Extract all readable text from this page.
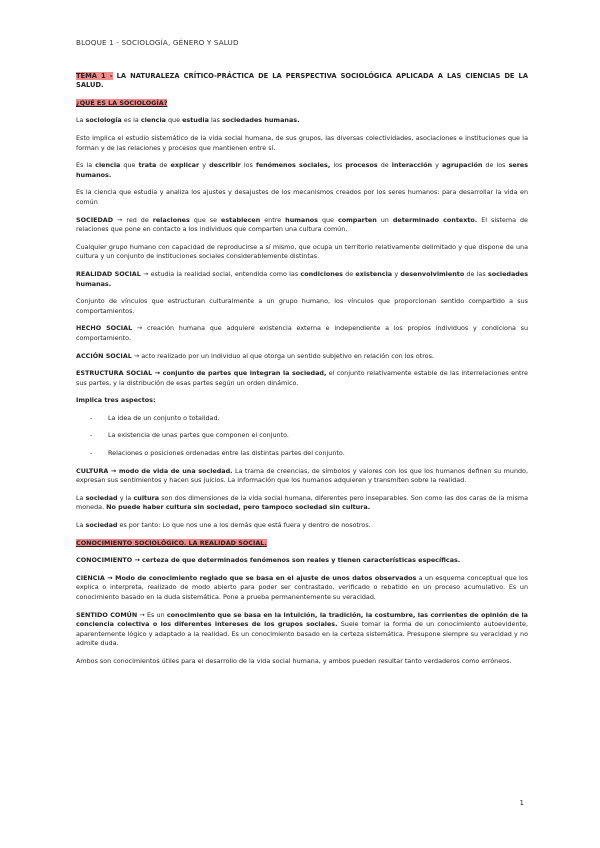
BLOQUE 1 - SOCIOLOGÍA, GÉNERO Y SALUD

TEMA 1 - LA NATURALEZA CRÍTICO-PRÁCTICA DE LA PERSPECTIVA SOCIOLÓGICA APLICADA A LAS CIENCIAS DE LA SALUD.

¿QUÉ ES LA SOCIOLOGÍA?

La sociología es la ciencia que estudia las sociedades humanas.

Esto implica el estudio sistemático de la vida social humana, de sus grupos, las diversas colectividades, asociaciones e instituciones que la forman y de las relaciones y procesos que mantienen entre sí.

Es la ciencia que trata de explicar y describir los fenómenos sociales, los procesos de interacción y agrupación de los seres humanos.

Es la ciencia que estudia y analiza los ajustes y desajustes de los mecanismos creados por los seres humanos: para desarrollar la vida en común

SOCIEDAD → red de relaciones que se establecen entre humanos que comparten un determinado contexto. El sistema de relaciones que pone en contacto a los individuos que comparten una cultura común.

Cualquier grupo humano con capacidad de reproducirse a sí mismo, que ocupa un territorio relativamente delimitado y que dispone de una cultura y un conjunto de instituciones sociales considerablemente distintas.

REALIDAD SOCIAL → estudia la realidad social, entendida como las condiciones de existencia y desenvolvimiento de las sociedades humanas.

Conjunto de vínculos que estructuran culturalmente a un grupo humano, los vínculos que proporcionan sentido compartido a sus comportamientos.

HECHO SOCIAL → creación humana que adquiere existencia externa e independiente a los propios individuos y condiciona su comportamiento.

ACCIÓN SOCIAL → acto realizado por un individuo al que otorga un sentido subjetivo en relación con los otros.

ESTRUCTURA SOCIAL → conjunto de partes que integran la sociedad, el conjunto relativamente estable de las interrelaciones entre sus partes, y la distribución de esas partes según un orden dinámico.

Implica tres aspectos:

- La idea de un conjunto o totalidad.
- La existencia de unas partes que componen el conjunto.
- Relaciones o posiciones ordenadas entre las distintas partes del conjunto.

CULTURA → modo de vida de una sociedad. La trama de creencias, de símbolos y valores con los que los humanos definen su mundo, expresan sus sentimientos y hacen sus juicios. La información que los humanos adquieren y transmiten sobre la realidad.

La sociedad y la cultura son dos dimensiones de la vida social humana, diferentes pero inseparables. Son como las dos caras de la misma moneda. No puede haber cultura sin sociedad, pero tampoco sociedad sin cultura.

La sociedad es por tanto: Lo que nos une a los demás que está fuera y dentro de nosotros.

CONOCIMIENTO SOCIOLÓGICO. LA REALIDAD SOCIAL.

CONOCIMIENTO → certeza de que determinados fenómenos son reales y tienen características específicas.

CIENCIA → Modo de conocimiento reglado que se basa en el ajuste de unos datos observados a un esquema conceptual que los explica o interpreta, realizado de modo abierto para poder ser contrastado, verificado o rebatido en un proceso acumulativo. Es un conocimiento basado en la duda sistemática. Pone a prueba permanentemente su veracidad.

SENTIDO COMÚN → Es un conocimiento que se basa en la intuición, la tradición, la costumbre, las corrientes de opinión de la conciencia colectiva o los diferentes intereses de los grupos sociales. Suele tomar la forma de un conocimiento autoevidente, aparentemente lógico y adaptado a la realidad. Es un conocimiento basado en la certeza sistemática. Presupone siempre su veracidad y no admite duda.

Ambos son conocimientos útiles para el desarrollo de la vida social humana, y ambos pueden resultar tanto verdaderos como erróneos.

1
